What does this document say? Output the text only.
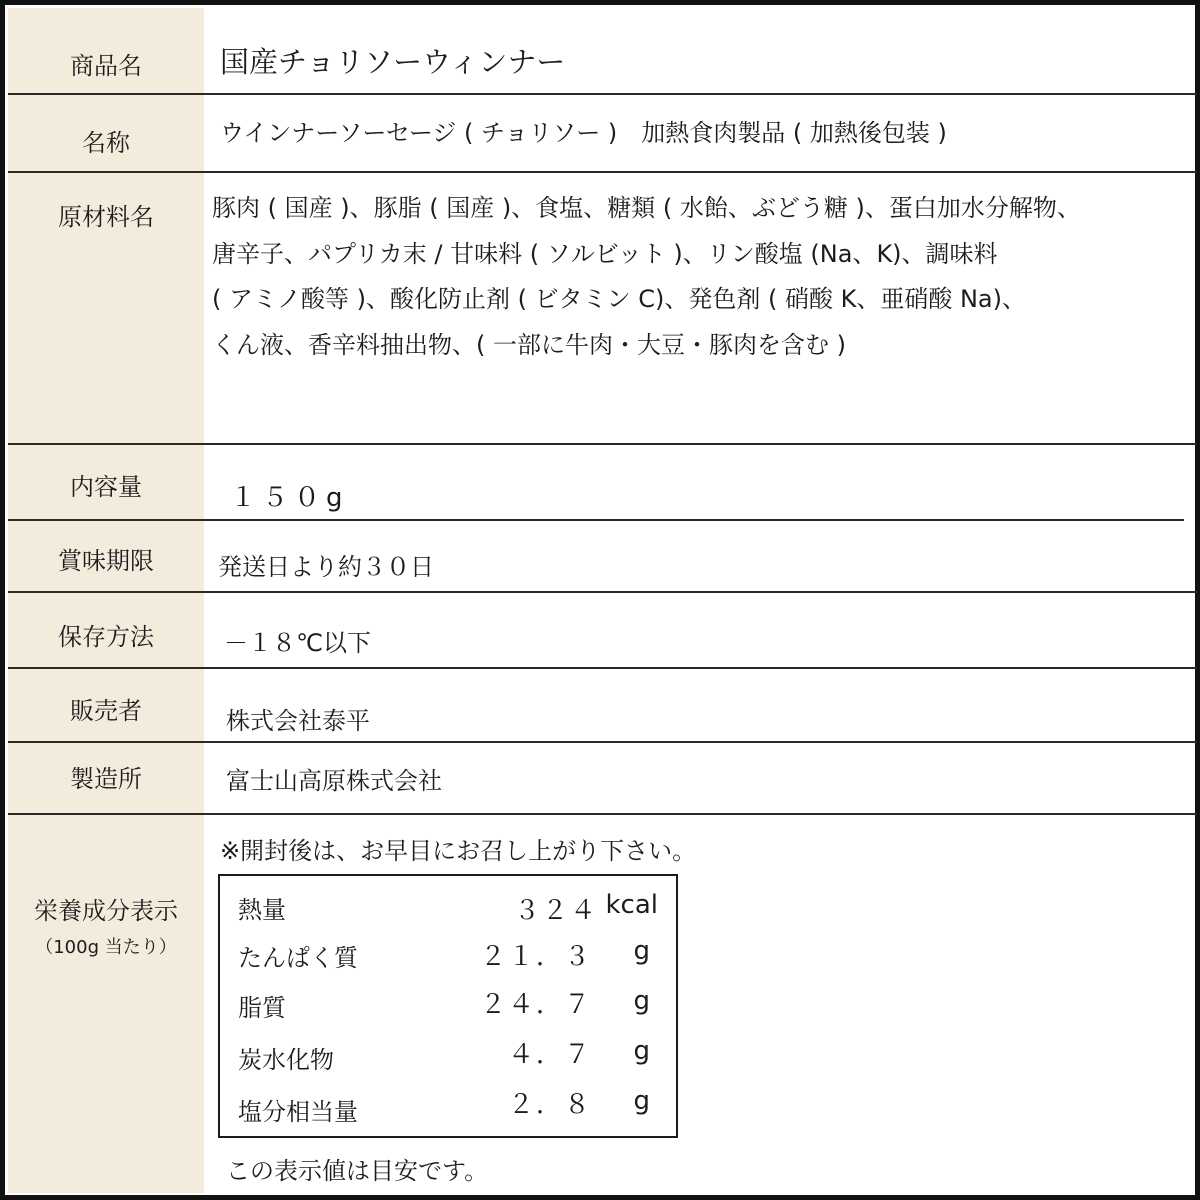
商品名	国産チョリソーウィンナー
名称	ウインナーソーセージ ( チョリソー )　加熱食肉製品 ( 加熱後包装 )
原材料名	豚肉 ( 国産 )、豚脂 ( 国産 )、食塩、糖類 ( 水飴、ぶどう糖 )、蛋白加水分解物、
唐辛子、パプリカ末 / 甘味料 ( ソルビット )、リン酸塩 (Na、K)、調味料
( アミノ酸等 )、酸化防止剤 ( ビタミン C)、発色剤 ( 硝酸 K、亜硝酸 Na)、
くん液、香辛料抽出物、( 一部に牛肉・大豆・豚肉を含む )
内容量	１５０g
賞味期限	発送日より約３０日
保存方法	－１８℃以下
販売者	株式会社泰平
製造所	富士山高原株式会社
栄養成分表示
（100g 当たり）
※開封後は、お早目にお召し上がり下さい。
この表示値は目安です。
熱量	３２４ kcal
たんぱく質	２１．３ g
脂質	２４．７ g
炭水化物	４．７ g
塩分相当量	２．８ g
